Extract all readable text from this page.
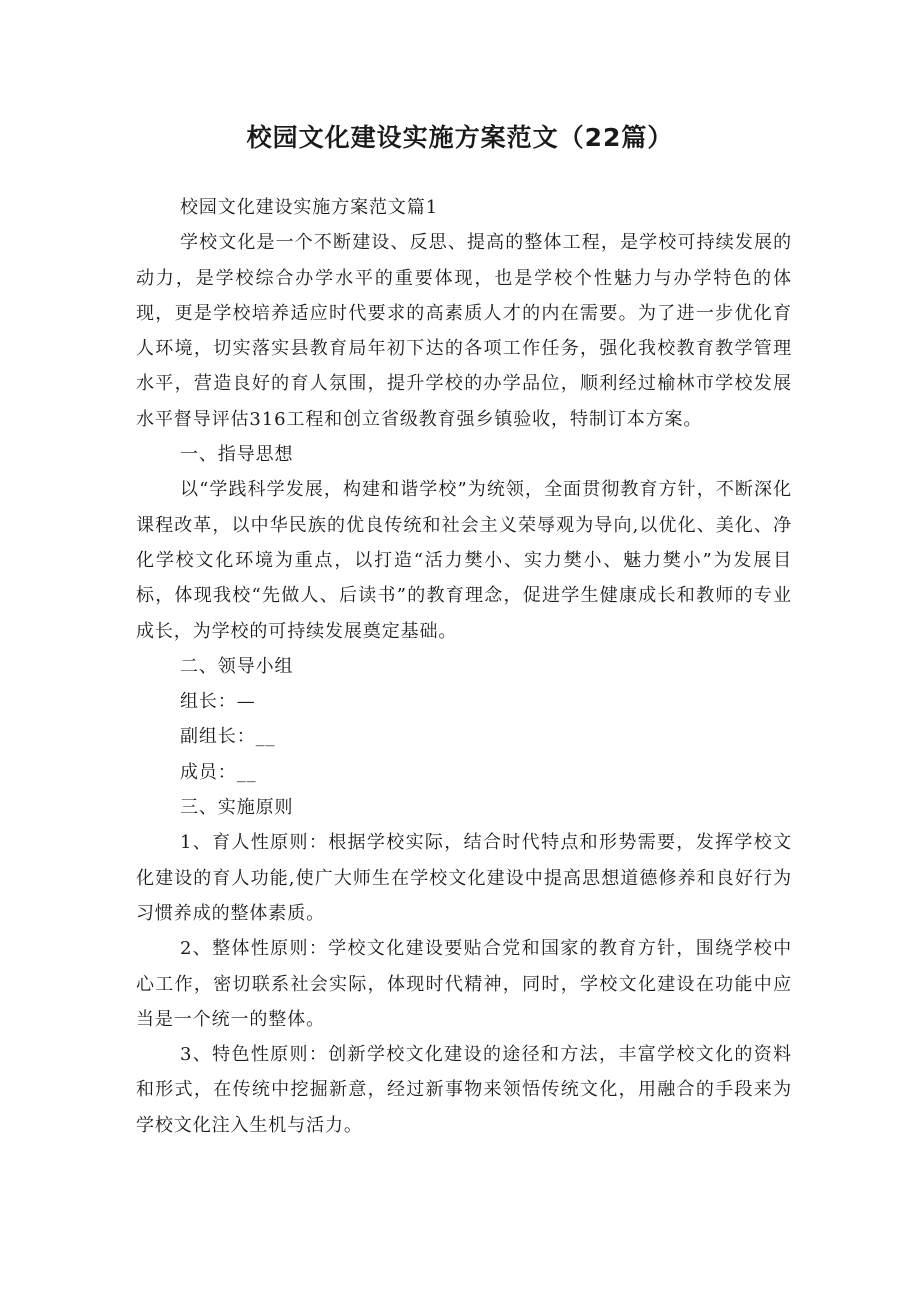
校园文化建设实施方案范文（22篇）

校园文化建设实施方案范文篇1

学校文化是一个不断建设、反思、提高的整体工程，是学校可持续发展的动力，是学校综合办学水平的重要体现，也是学校个性魅力与办学特色的体现，更是学校培养适应时代要求的高素质人才的内在需要。为了进一步优化育人环境，切实落实县教育局年初下达的各项工作任务，强化我校教育教学管理水平，营造良好的育人氛围，提升学校的办学品位，顺利经过榆林市学校发展水平督导评估316工程和创立省级教育强乡镇验收，特制订本方案。

一、指导思想

以“学践科学发展，构建和谐学校”为统领，全面贯彻教育方针，不断深化课程改革，以中华民族的优良传统和社会主义荣辱观为导向,以优化、美化、净化学校文化环境为重点，以打造“活力樊小、实力樊小、魅力樊小”为发展目标，体现我校“先做人、后读书”的教育理念，促进学生健康成长和教师的专业成长，为学校的可持续发展奠定基础。

二、领导小组

组长：—

副组长：__

成员：__

三、实施原则

1、育人性原则：根据学校实际，结合时代特点和形势需要，发挥学校文化建设的育人功能,使广大师生在学校文化建设中提高思想道德修养和良好行为习惯养成的整体素质。

2、整体性原则：学校文化建设要贴合党和国家的教育方针，围绕学校中心工作，密切联系社会实际，体现时代精神，同时，学校文化建设在功能中应当是一个统一的整体。

3、特色性原则：创新学校文化建设的途径和方法，丰富学校文化的资料和形式，在传统中挖掘新意，经过新事物来领悟传统文化，用融合的手段来为学校文化注入生机与活力。
